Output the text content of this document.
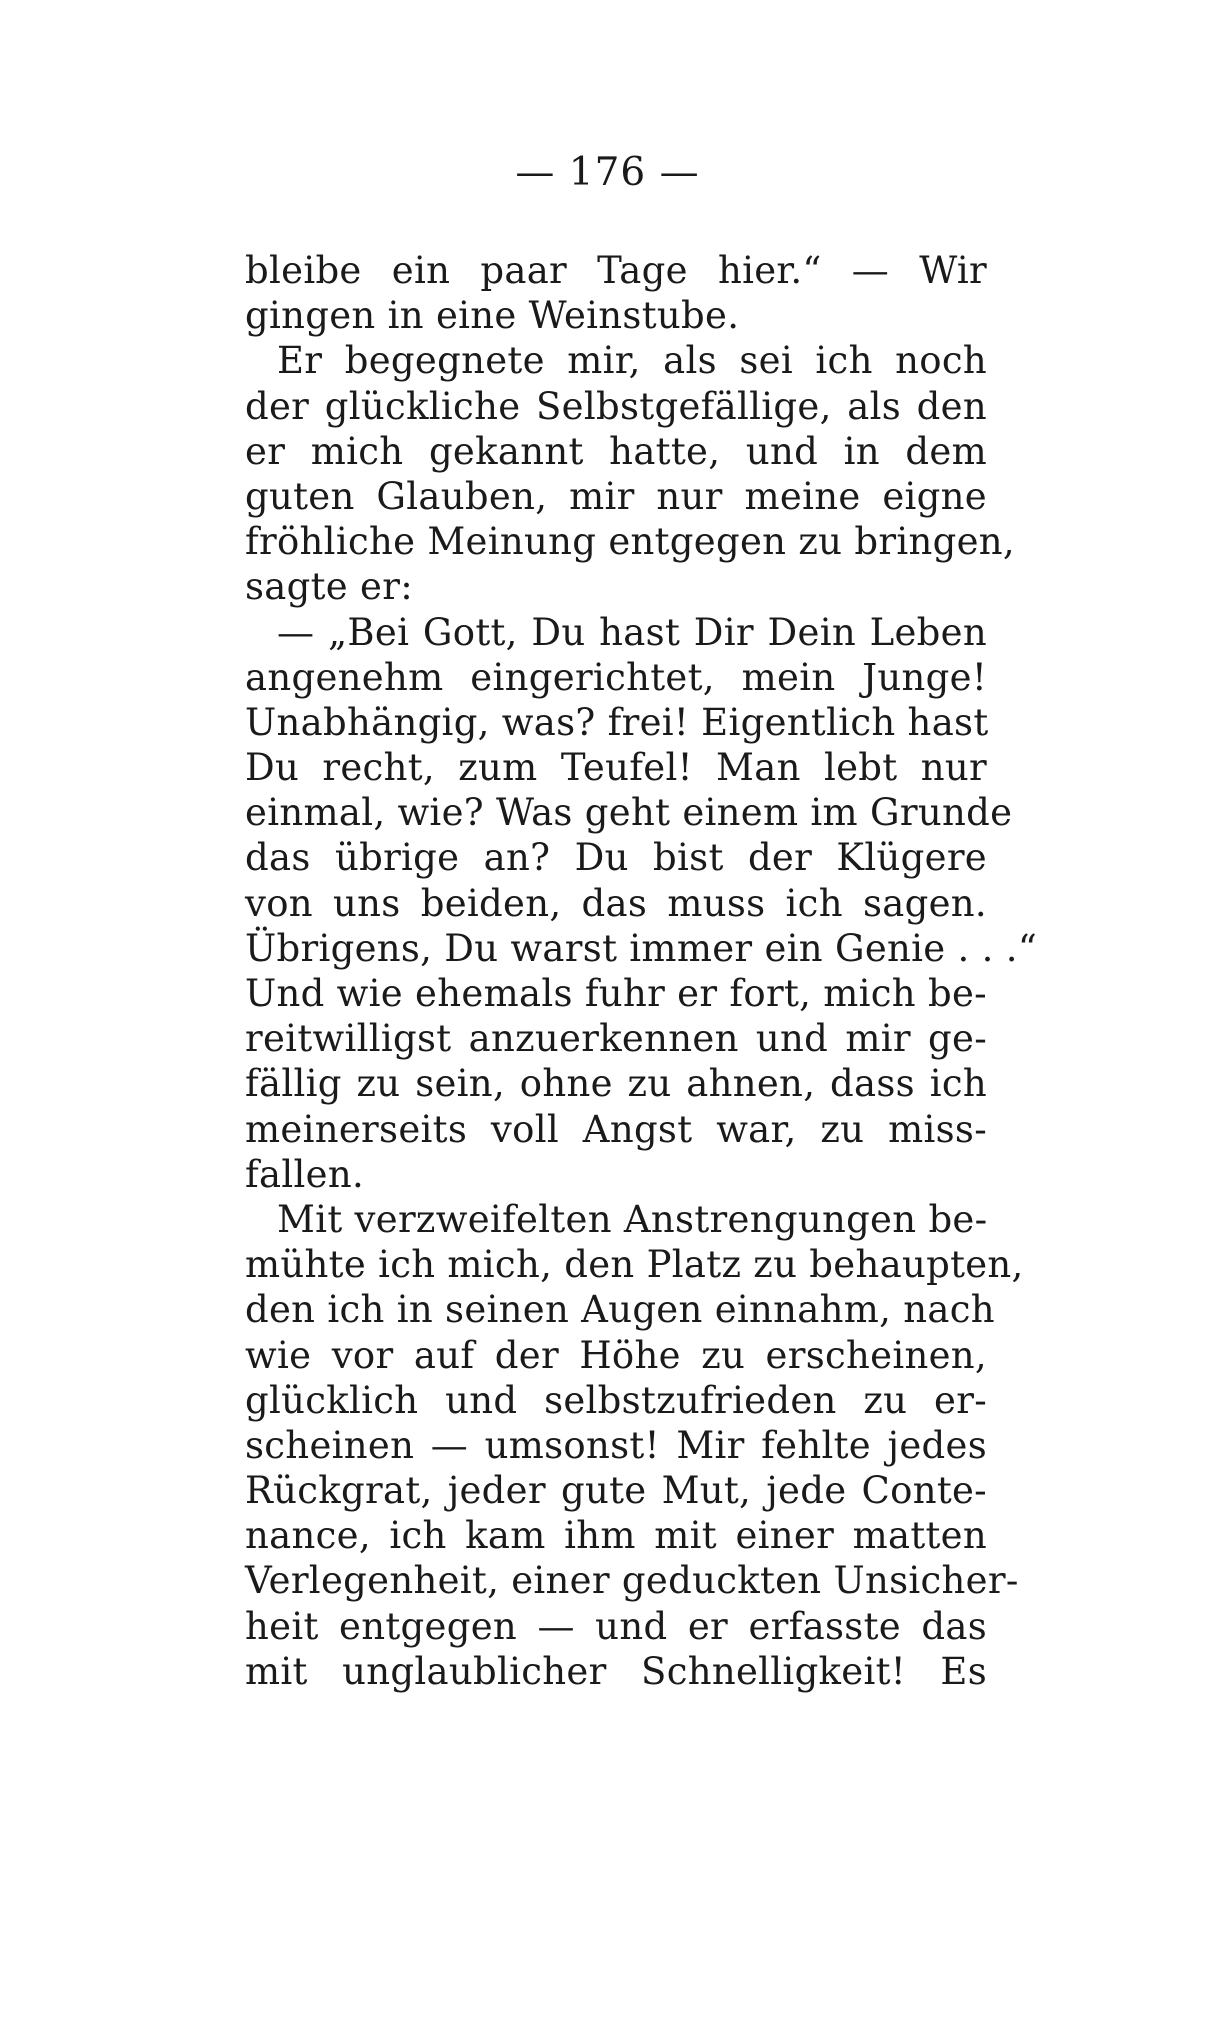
— 176 —
bleibe ein paar Tage hier.“ — Wir
gingen in eine Weinstube.
Er begegnete mir, als sei ich noch
der glückliche Selbstgefällige, als den
er mich gekannt hatte, und in dem
guten Glauben, mir nur meine eigne
fröhliche Meinung entgegen zu bringen,
sagte er:
— „Bei Gott, Du hast Dir Dein Leben
angenehm eingerichtet, mein Junge!
Unabhängig, was? frei! Eigentlich hast
Du recht, zum Teufel! Man lebt nur
einmal, wie? Was geht einem im Grunde
das übrige an? Du bist der Klügere
von uns beiden, das muss ich sagen.
Übrigens, Du warst immer ein Genie . . .“
Und wie ehemals fuhr er fort, mich be-
reitwilligst anzuerkennen und mir ge-
fällig zu sein, ohne zu ahnen, dass ich
meinerseits voll Angst war, zu miss-
fallen.
Mit verzweifelten Anstrengungen be-
mühte ich mich, den Platz zu behaupten,
den ich in seinen Augen einnahm, nach
wie vor auf der Höhe zu erscheinen,
glücklich und selbstzufrieden zu er-
scheinen — umsonst! Mir fehlte jedes
Rückgrat, jeder gute Mut, jede Conte-
nance, ich kam ihm mit einer matten
Verlegenheit, einer geduckten Unsicher-
heit entgegen — und er erfasste das
mit unglaublicher Schnelligkeit! Es
